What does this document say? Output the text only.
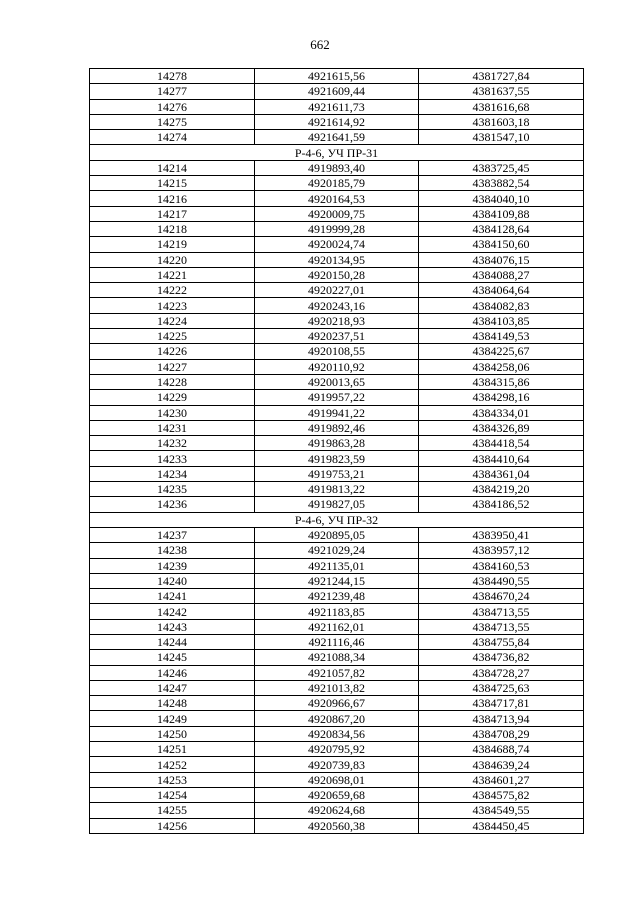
662
14278	4921615,56	4381727,84
14277	4921609,44	4381637,55
14276	4921611,73	4381616,68
14275	4921614,92	4381603,18
14274	4921641,59	4381547,10
Р-4-6, УЧ ПР-31		
14214	4919893,40	4383725,45
14215	4920185,79	4383882,54
14216	4920164,53	4384040,10
14217	4920009,75	4384109,88
14218	4919999,28	4384128,64
14219	4920024,74	4384150,60
14220	4920134,95	4384076,15
14221	4920150,28	4384088,27
14222	4920227,01	4384064,64
14223	4920243,16	4384082,83
14224	4920218,93	4384103,85
14225	4920237,51	4384149,53
14226	4920108,55	4384225,67
14227	4920110,92	4384258,06
14228	4920013,65	4384315,86
14229	4919957,22	4384298,16
14230	4919941,22	4384334,01
14231	4919892,46	4384326,89
14232	4919863,28	4384418,54
14233	4919823,59	4384410,64
14234	4919753,21	4384361,04
14235	4919813,22	4384219,20
14236	4919827,05	4384186,52
Р-4-6, УЧ ПР-32		
14237	4920895,05	4383950,41
14238	4921029,24	4383957,12
14239	4921135,01	4384160,53
14240	4921244,15	4384490,55
14241	4921239,48	4384670,24
14242	4921183,85	4384713,55
14243	4921162,01	4384713,55
14244	4921116,46	4384755,84
14245	4921088,34	4384736,82
14246	4921057,82	4384728,27
14247	4921013,82	4384725,63
14248	4920966,67	4384717,81
14249	4920867,20	4384713,94
14250	4920834,56	4384708,29
14251	4920795,92	4384688,74
14252	4920739,83	4384639,24
14253	4920698,01	4384601,27
14254	4920659,68	4384575,82
14255	4920624,68	4384549,55
14256	4920560,38	4384450,45
